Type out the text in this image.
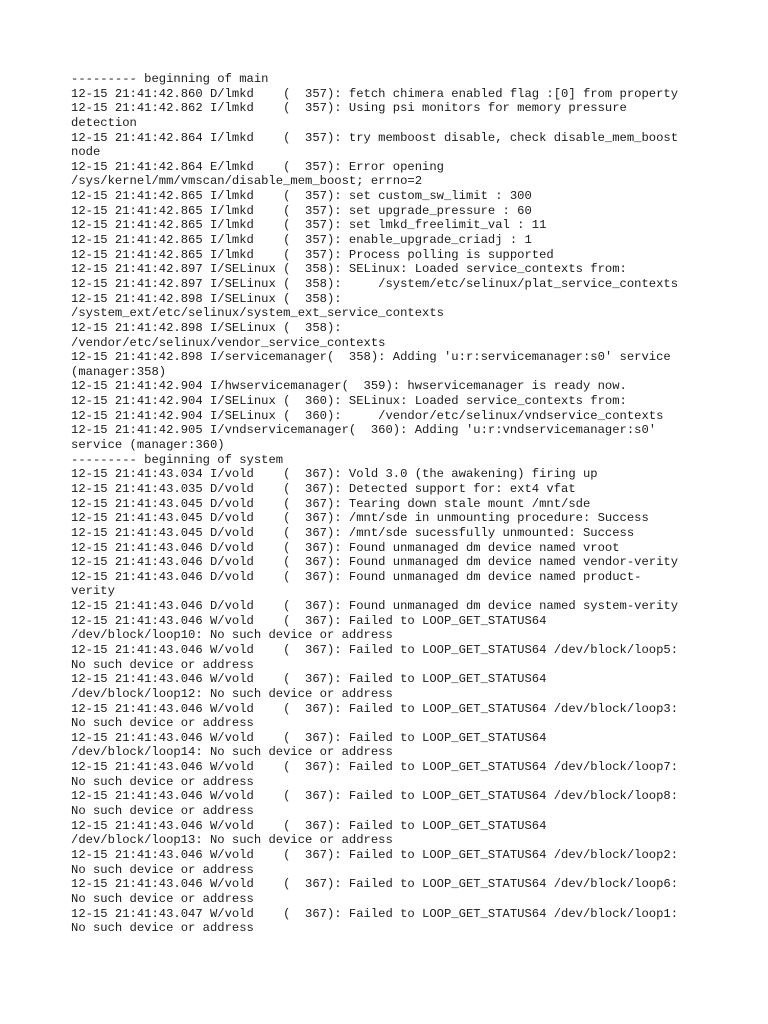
--------- beginning of main
12-15 21:41:42.860 D/lmkd    (  357): fetch chimera enabled flag :[0] from property
12-15 21:41:42.862 I/lmkd    (  357): Using psi monitors for memory pressure
detection
12-15 21:41:42.864 I/lmkd    (  357): try memboost disable, check disable_mem_boost
node
12-15 21:41:42.864 E/lmkd    (  357): Error opening
/sys/kernel/mm/vmscan/disable_mem_boost; errno=2
12-15 21:41:42.865 I/lmkd    (  357): set custom_sw_limit : 300
12-15 21:41:42.865 I/lmkd    (  357): set upgrade_pressure : 60
12-15 21:41:42.865 I/lmkd    (  357): set lmkd_freelimit_val : 11
12-15 21:41:42.865 I/lmkd    (  357): enable_upgrade_criadj : 1
12-15 21:41:42.865 I/lmkd    (  357): Process polling is supported
12-15 21:41:42.897 I/SELinux (  358): SELinux: Loaded service_contexts from:
12-15 21:41:42.897 I/SELinux (  358):     /system/etc/selinux/plat_service_contexts
12-15 21:41:42.898 I/SELinux (  358):
/system_ext/etc/selinux/system_ext_service_contexts
12-15 21:41:42.898 I/SELinux (  358):
/vendor/etc/selinux/vendor_service_contexts
12-15 21:41:42.898 I/servicemanager(  358): Adding 'u:r:servicemanager:s0' service
(manager:358)
12-15 21:41:42.904 I/hwservicemanager(  359): hwservicemanager is ready now.
12-15 21:41:42.904 I/SELinux (  360): SELinux: Loaded service_contexts from:
12-15 21:41:42.904 I/SELinux (  360):     /vendor/etc/selinux/vndservice_contexts
12-15 21:41:42.905 I/vndservicemanager(  360): Adding 'u:r:vndservicemanager:s0'
service (manager:360)
--------- beginning of system
12-15 21:41:43.034 I/vold    (  367): Vold 3.0 (the awakening) firing up
12-15 21:41:43.035 D/vold    (  367): Detected support for: ext4 vfat
12-15 21:41:43.045 D/vold    (  367): Tearing down stale mount /mnt/sde
12-15 21:41:43.045 D/vold    (  367): /mnt/sde in unmounting procedure: Success
12-15 21:41:43.045 D/vold    (  367): /mnt/sde sucessfully unmounted: Success
12-15 21:41:43.046 D/vold    (  367): Found unmanaged dm device named vroot
12-15 21:41:43.046 D/vold    (  367): Found unmanaged dm device named vendor-verity
12-15 21:41:43.046 D/vold    (  367): Found unmanaged dm device named product-
verity
12-15 21:41:43.046 D/vold    (  367): Found unmanaged dm device named system-verity
12-15 21:41:43.046 W/vold    (  367): Failed to LOOP_GET_STATUS64
/dev/block/loop10: No such device or address
12-15 21:41:43.046 W/vold    (  367): Failed to LOOP_GET_STATUS64 /dev/block/loop5:
No such device or address
12-15 21:41:43.046 W/vold    (  367): Failed to LOOP_GET_STATUS64
/dev/block/loop12: No such device or address
12-15 21:41:43.046 W/vold    (  367): Failed to LOOP_GET_STATUS64 /dev/block/loop3:
No such device or address
12-15 21:41:43.046 W/vold    (  367): Failed to LOOP_GET_STATUS64
/dev/block/loop14: No such device or address
12-15 21:41:43.046 W/vold    (  367): Failed to LOOP_GET_STATUS64 /dev/block/loop7:
No such device or address
12-15 21:41:43.046 W/vold    (  367): Failed to LOOP_GET_STATUS64 /dev/block/loop8:
No such device or address
12-15 21:41:43.046 W/vold    (  367): Failed to LOOP_GET_STATUS64
/dev/block/loop13: No such device or address
12-15 21:41:43.046 W/vold    (  367): Failed to LOOP_GET_STATUS64 /dev/block/loop2:
No such device or address
12-15 21:41:43.046 W/vold    (  367): Failed to LOOP_GET_STATUS64 /dev/block/loop6:
No such device or address
12-15 21:41:43.047 W/vold    (  367): Failed to LOOP_GET_STATUS64 /dev/block/loop1:
No such device or address
